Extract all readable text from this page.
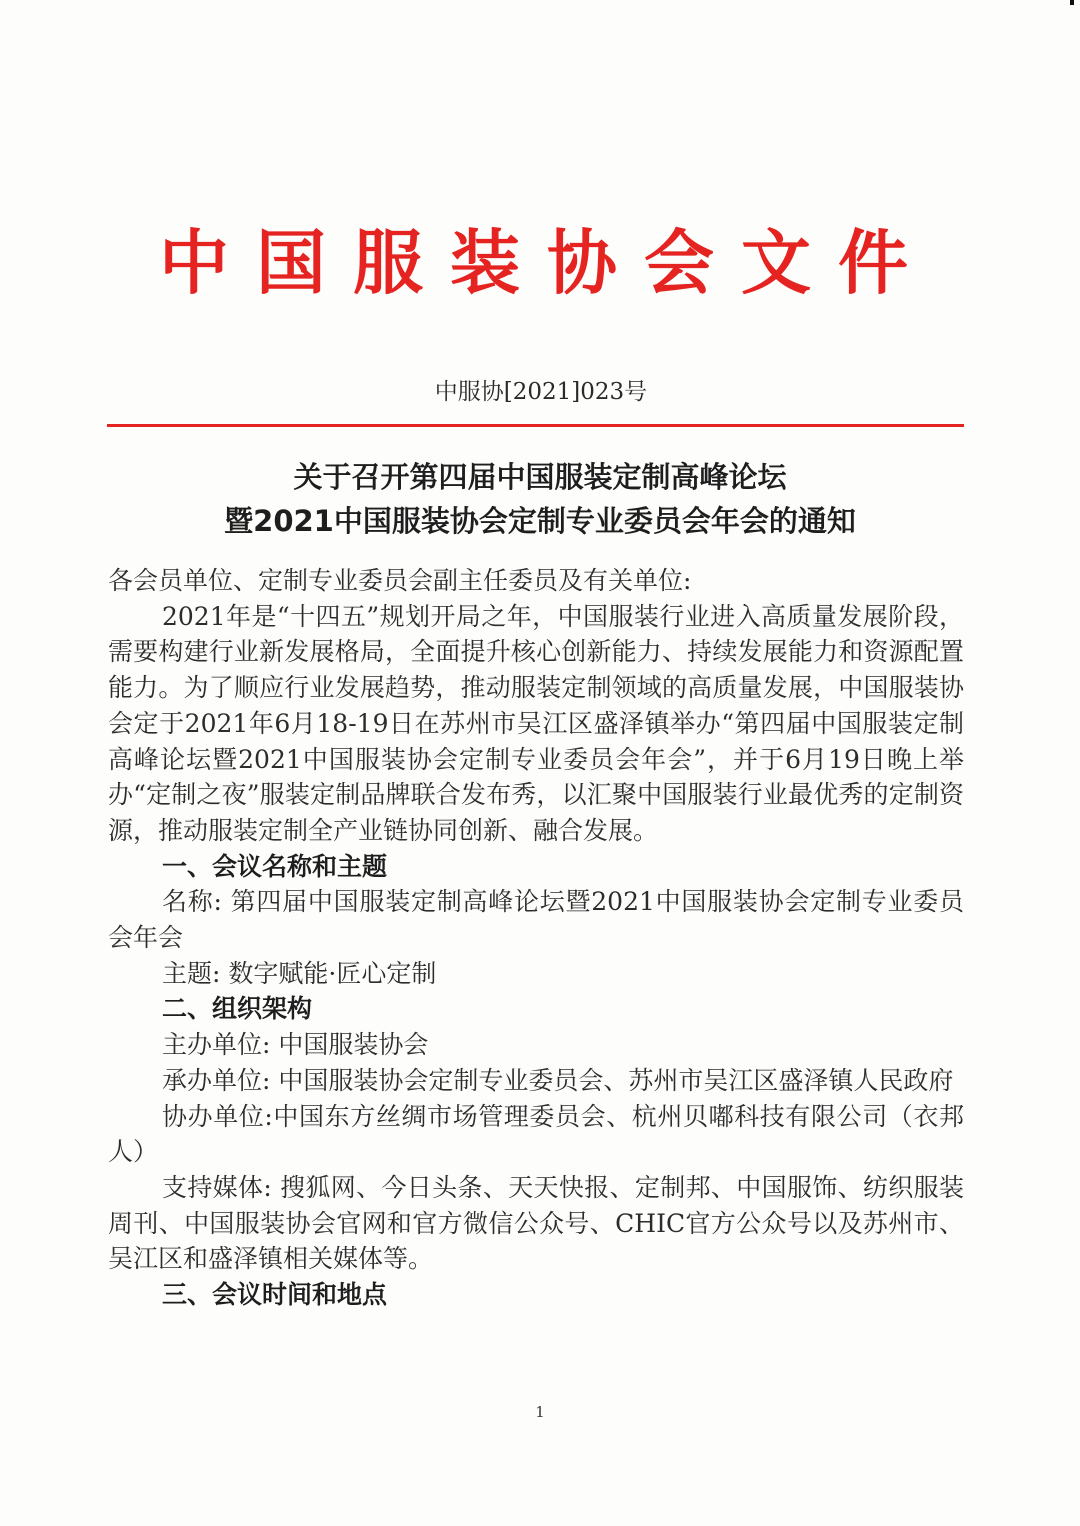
中国服装协会文件
中服协[2021]023号
关于召开第四届中国服装定制高峰论坛
暨2021中国服装协会定制专业委员会年会的通知

各会员单位、定制专业委员会副主任委员及有关单位:

2021年是“十四五”规划开局之年，中国服装行业进入高质量发展阶段，需要构建行业新发展格局，全面提升核心创新能力、持续发展能力和资源配置能力。为了顺应行业发展趋势，推动服装定制领域的高质量发展，中国服装协会定于2021年6月18-19日在苏州市吴江区盛泽镇举办“第四届中国服装定制高峰论坛暨2021中国服装协会定制专业委员会年会”，并于6月19日晚上举办“定制之夜”服装定制品牌联合发布秀，以汇聚中国服装行业最优秀的定制资源，推动服装定制全产业链协同创新、融合发展。

一、会议名称和主题

名称: 第四届中国服装定制高峰论坛暨2021中国服装协会定制专业委员会年会

主题: 数字赋能·匠心定制

二、组织架构

主办单位: 中国服装协会

承办单位: 中国服装协会定制专业委员会、苏州市吴江区盛泽镇人民政府

协办单位:中国东方丝绸市场管理委员会、杭州贝嘟科技有限公司（衣邦人）

支持媒体: 搜狐网、今日头条、天天快报、定制邦、中国服饰、纺织服装周刊、中国服装协会官网和官方微信公众号、CHIC官方公众号以及苏州市、吴江区和盛泽镇相关媒体等。

三、会议时间和地点

1
